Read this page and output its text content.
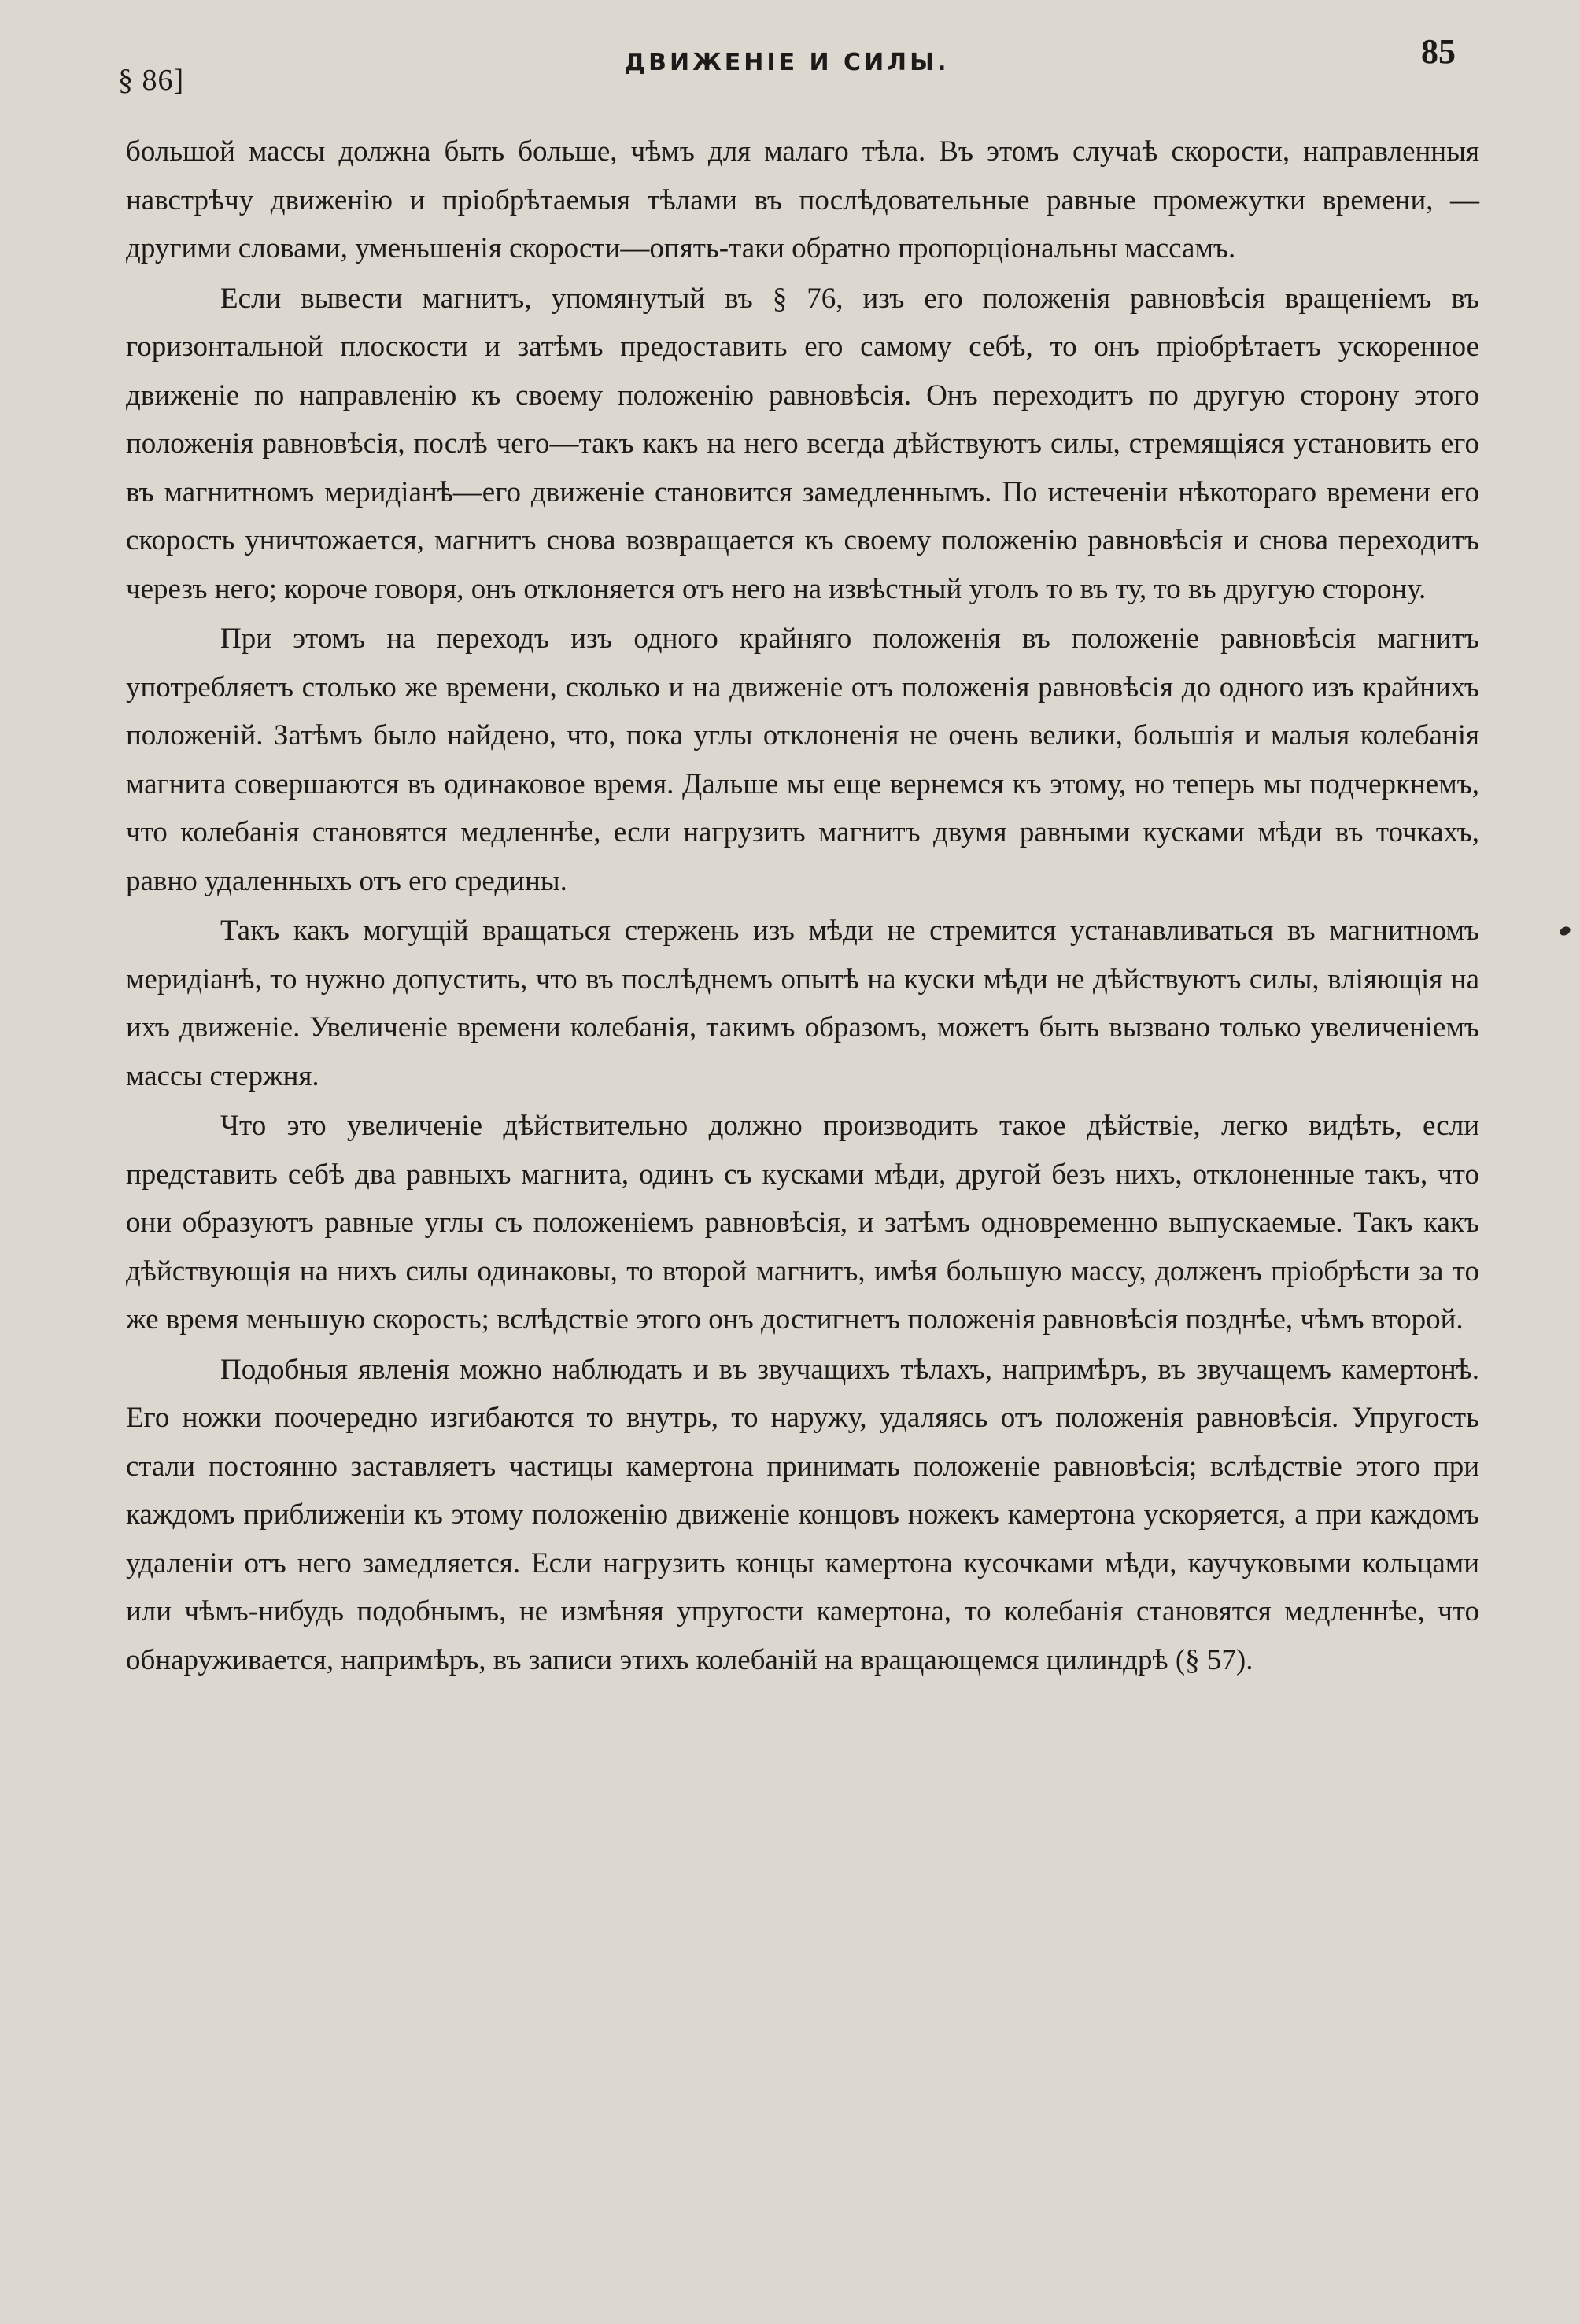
§ 86]
ДВИЖЕНІЕ И СИЛЫ.	85

большой массы должна быть больше, чѣмъ для малаго тѣла. Въ этомъ случаѣ скорости, направленныя навстрѣчу движенію и пріобрѣтаемыя тѣлами въ послѣдовательные равные промежутки времени, — другими словами, уменьшенія скорости—опять-таки обратно пропорціональны массамъ.

Если вывести магнитъ, упомянутый въ § 76, изъ его положенія равновѣсія вращеніемъ въ горизонтальной плоскости и затѣмъ предоставить его самому себѣ, то онъ пріобрѣтаетъ ускоренное движеніе по направленію къ своему положенію равновѣсія. Онъ переходитъ по другую сторону этого положенія равновѣсія, послѣ чего—такъ какъ на него всегда дѣйствуютъ силы, стремящіяся установить его въ магнитномъ меридіанѣ—его движеніе становится замедленнымъ. По истеченіи нѣкотораго времени его скорость уничтожается, магнитъ снова возвращается къ своему положенію равновѣсія и снова переходитъ черезъ него; короче говоря, онъ отклоняется отъ него на извѣстный уголъ то въ ту, то въ другую сторону.

При этомъ на переходъ изъ одного крайняго положенія въ положеніе равновѣсія магнитъ употребляетъ столько же времени, сколько и на движеніе отъ положенія равновѣсія до одного изъ крайнихъ положеній. Затѣмъ было найдено, что, пока углы отклоненія не очень велики, большія и малыя колебанія магнита совершаются въ одинаковое время. Дальше мы еще вернемся къ этому, но теперь мы подчеркнемъ, что колебанія становятся медленнѣе, если нагрузить магнитъ двумя равными кусками мѣди въ точкахъ, равно удаленныхъ отъ его средины.

Такъ какъ могущій вращаться стержень изъ мѣди не стремится устанавливаться въ магнитномъ меридіанѣ, то нужно допустить, что въ послѣднемъ опытѣ на куски мѣди не дѣйствуютъ силы, вліяющія на ихъ движеніе. Увеличеніе времени колебанія, такимъ образомъ, можетъ быть вызвано только увеличеніемъ массы стержня.

Что это увеличеніе дѣйствительно должно производить такое дѣйствіе, легко видѣть, если представить себѣ два равныхъ магнита, одинъ съ кусками мѣди, другой безъ нихъ, отклоненные такъ, что они образуютъ равные углы съ положеніемъ равновѣсія, и затѣмъ одновременно выпускаемые. Такъ какъ дѣйствующія на нихъ силы одинаковы, то второй магнитъ, имѣя большую массу, долженъ пріобрѣсти за то же время меньшую скорость; вслѣдствіе этого онъ достигнетъ положенія равновѣсія позднѣе, чѣмъ второй.

Подобныя явленія можно наблюдать и въ звучащихъ тѣлахъ, напримѣръ, въ звучащемъ камертонѣ. Его ножки поочередно изгибаются то внутрь, то наружу, удаляясь отъ положенія равновѣсія. Упругость стали постоянно заставляетъ частицы камертона принимать положеніе равновѣсія; вслѣдствіе этого при каждомъ приближеніи къ этому положенію движеніе концовъ ножекъ камертона ускоряется, а при каждомъ удаленіи отъ него замедляется. Если нагрузить концы камертона кусочками мѣди, каучуковыми кольцами или чѣмъ-нибудь подобнымъ, не измѣняя упругости камертона, то колебанія становятся медленнѣе, что обнаруживается, напримѣръ, въ записи этихъ колебаній на вращающемся цилиндрѣ (§ 57).
